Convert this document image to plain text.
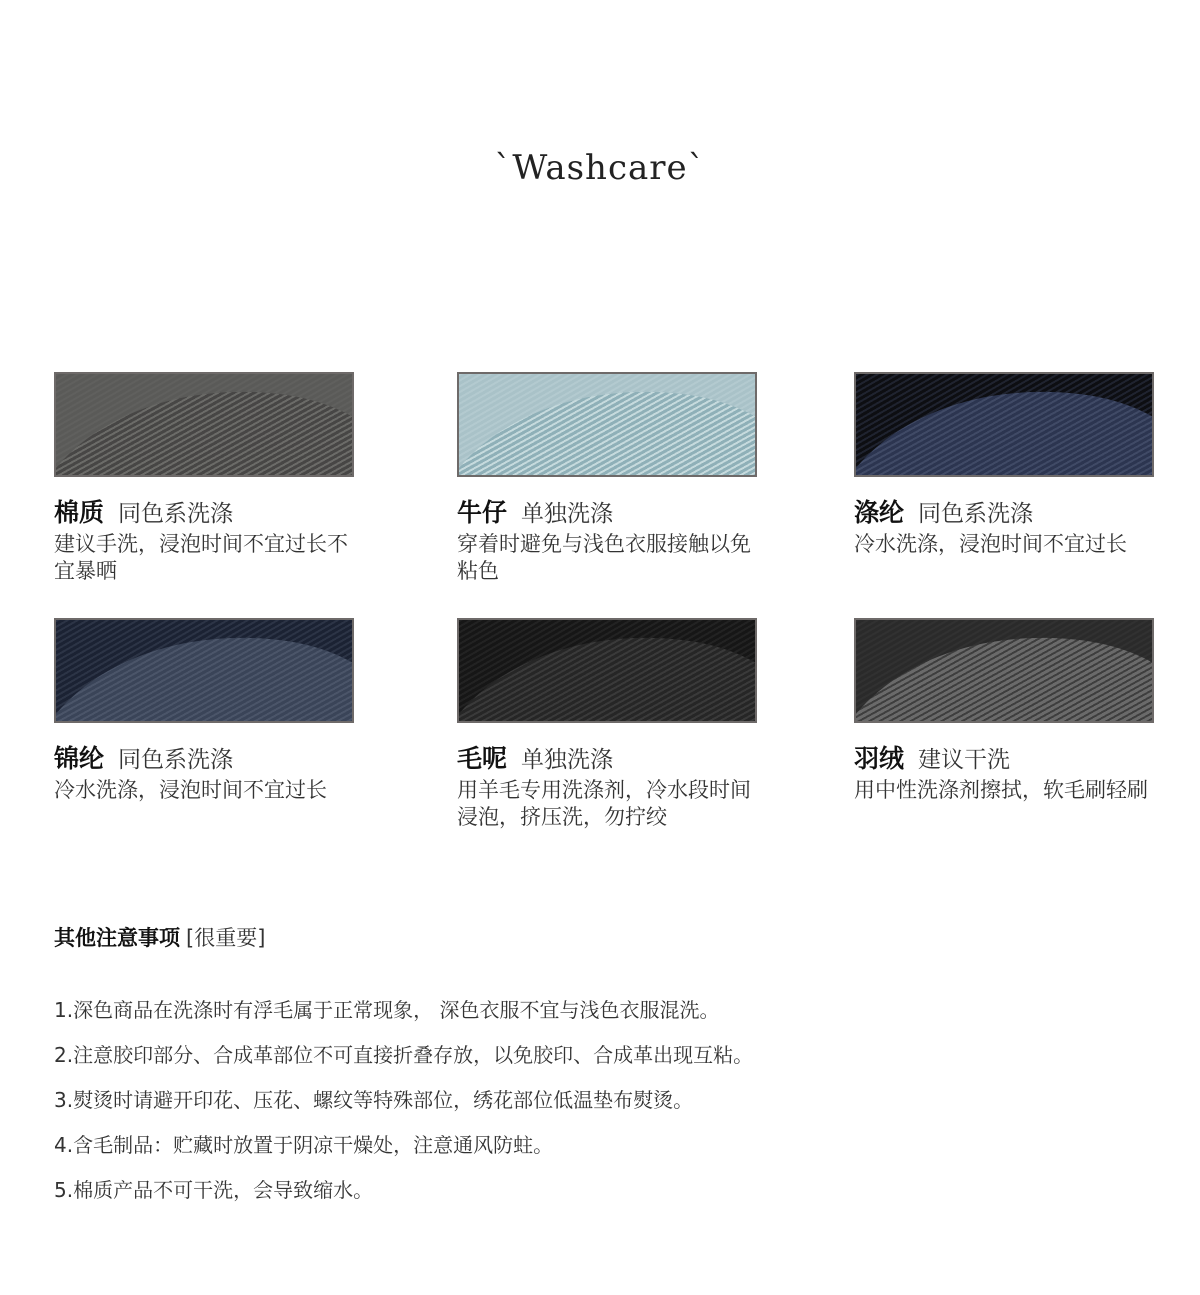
`Washcare`
棉质 同色系洗涤
建议手洗，浸泡时间不宜过长不宜暴晒
牛仔 单独洗涤
穿着时避免与浅色衣服接触以免粘色
涤纶 同色系洗涤
冷水洗涤，浸泡时间不宜过长
锦纶 同色系洗涤
冷水洗涤，浸泡时间不宜过长
毛呢 单独洗涤
用羊毛专用洗涤剂，冷水段时间浸泡，挤压洗，勿拧绞
羽绒 建议干洗
用中性洗涤剂擦拭，软毛刷轻刷
其他注意事项 [很重要]
1.深色商品在洗涤时有浮毛属于正常现象， 深色衣服不宜与浅色衣服混洗。
2.注意胶印部分、合成革部位不可直接折叠存放，以免胶印、合成革出现互粘。
3.熨烫时请避开印花、压花、螺纹等特殊部位，绣花部位低温垫布熨烫。
4.含毛制品：贮藏时放置于阴凉干燥处，注意通风防蛀。
5.棉质产品不可干洗，会导致缩水。
